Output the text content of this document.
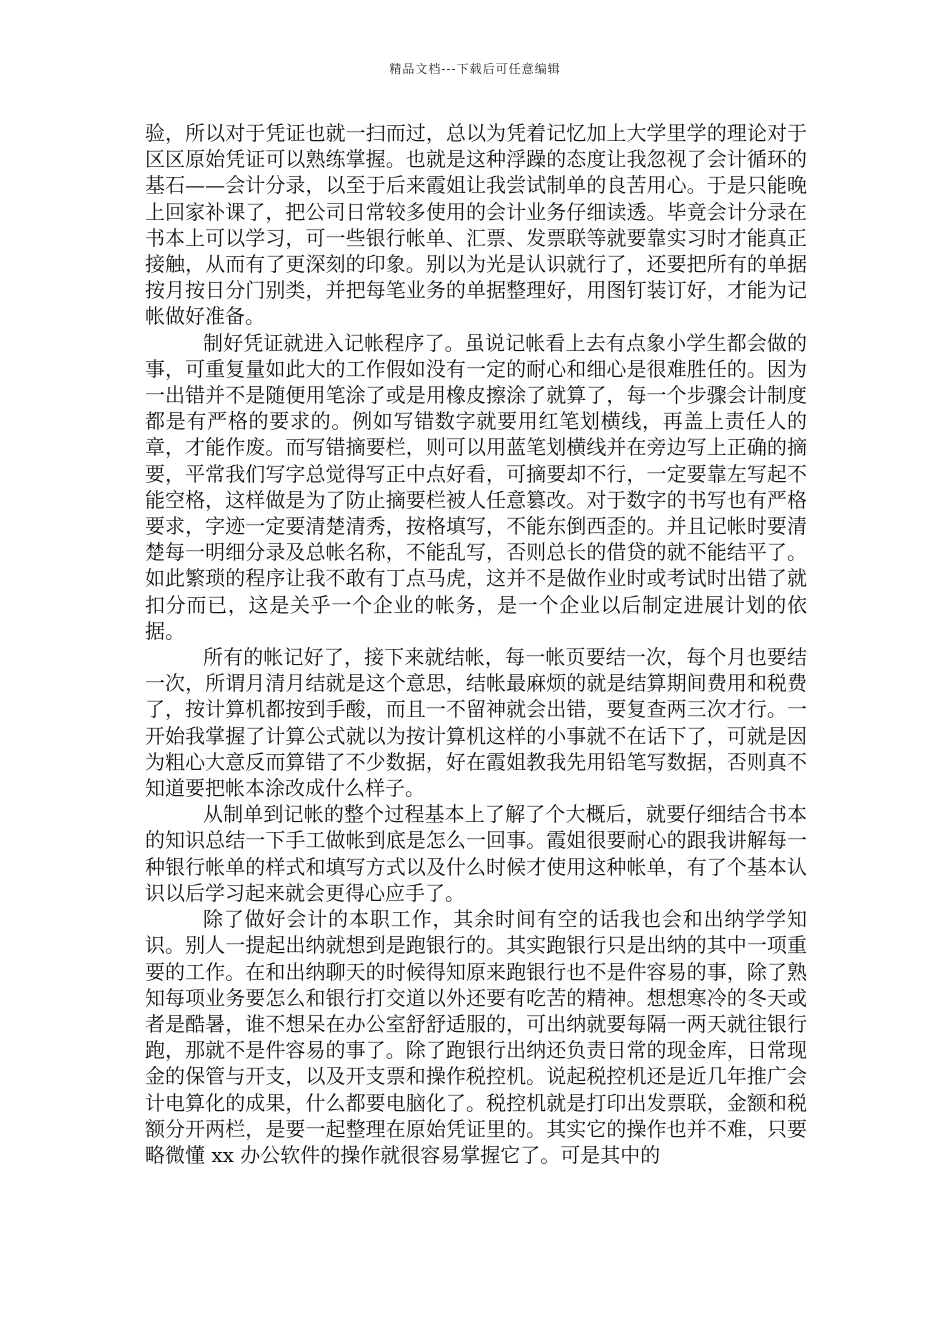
精品文档---下载后可任意编辑

验，所以对于凭证也就一扫而过，总以为凭着记忆加上大学里学的理论对于区区原始凭证可以熟练掌握。也就是这种浮躁的态度让我忽视了会计循环的基石——会计分录，以至于后来霞姐让我尝试制单的良苦用心。于是只能晚上回家补课了，把公司日常较多使用的会计业务仔细读透。毕竟会计分录在书本上可以学习，可一些银行帐单、汇票、发票联等就要靠实习时才能真正接触，从而有了更深刻的印象。别以为光是认识就行了，还要把所有的单据按月按日分门别类，并把每笔业务的单据整理好，用图钉装订好，才能为记帐做好准备。

制好凭证就进入记帐程序了。虽说记帐看上去有点象小学生都会做的事，可重复量如此大的工作假如没有一定的耐心和细心是很难胜任的。因为一出错并不是随便用笔涂了或是用橡皮擦涂了就算了，每一个步骤会计制度都是有严格的要求的。例如写错数字就要用红笔划横线，再盖上责任人的章，才能作废。而写错摘要栏，则可以用蓝笔划横线并在旁边写上正确的摘要，平常我们写字总觉得写正中点好看，可摘要却不行，一定要靠左写起不能空格，这样做是为了防止摘要栏被人任意篡改。对于数字的书写也有严格要求，字迹一定要清楚清秀，按格填写，不能东倒西歪的。并且记帐时要清楚每一明细分录及总帐名称，不能乱写，否则总长的借贷的就不能结平了。如此繁琐的程序让我不敢有丁点马虎，这并不是做作业时或考试时出错了就扣分而已，这是关乎一个企业的帐务，是一个企业以后制定进展计划的依据。

所有的帐记好了，接下来就结帐，每一帐页要结一次，每个月也要结一次，所谓月清月结就是这个意思，结帐最麻烦的就是结算期间费用和税费了，按计算机都按到手酸，而且一不留神就会出错，要复查两三次才行。一开始我掌握了计算公式就以为按计算机这样的小事就不在话下了，可就是因为粗心大意反而算错了不少数据，好在霞姐教我先用铅笔写数据，否则真不知道要把帐本涂改成什么样子。

从制单到记帐的整个过程基本上了解了个大概后，就要仔细结合书本的知识总结一下手工做帐到底是怎么一回事。霞姐很要耐心的跟我讲解每一种银行帐单的样式和填写方式以及什么时候才使用这种帐单，有了个基本认识以后学习起来就会更得心应手了。

除了做好会计的本职工作，其余时间有空的话我也会和出纳学学知识。别人一提起出纳就想到是跑银行的。其实跑银行只是出纳的其中一项重要的工作。在和出纳聊天的时候得知原来跑银行也不是件容易的事，除了熟知每项业务要怎么和银行打交道以外还要有吃苦的精神。想想寒冷的冬天或者是酷暑，谁不想呆在办公室舒舒适服的，可出纳就要每隔一两天就往银行跑，那就不是件容易的事了。除了跑银行出纳还负责日常的现金库，日常现金的保管与开支，以及开支票和操作税控机。说起税控机还是近几年推广会计电算化的成果，什么都要电脑化了。税控机就是打印出发票联，金额和税额分开两栏，是要一起整理在原始凭证里的。其实它的操作也并不难，只要略微懂 xx 办公软件的操作就很容易掌握它了。可是其中的
